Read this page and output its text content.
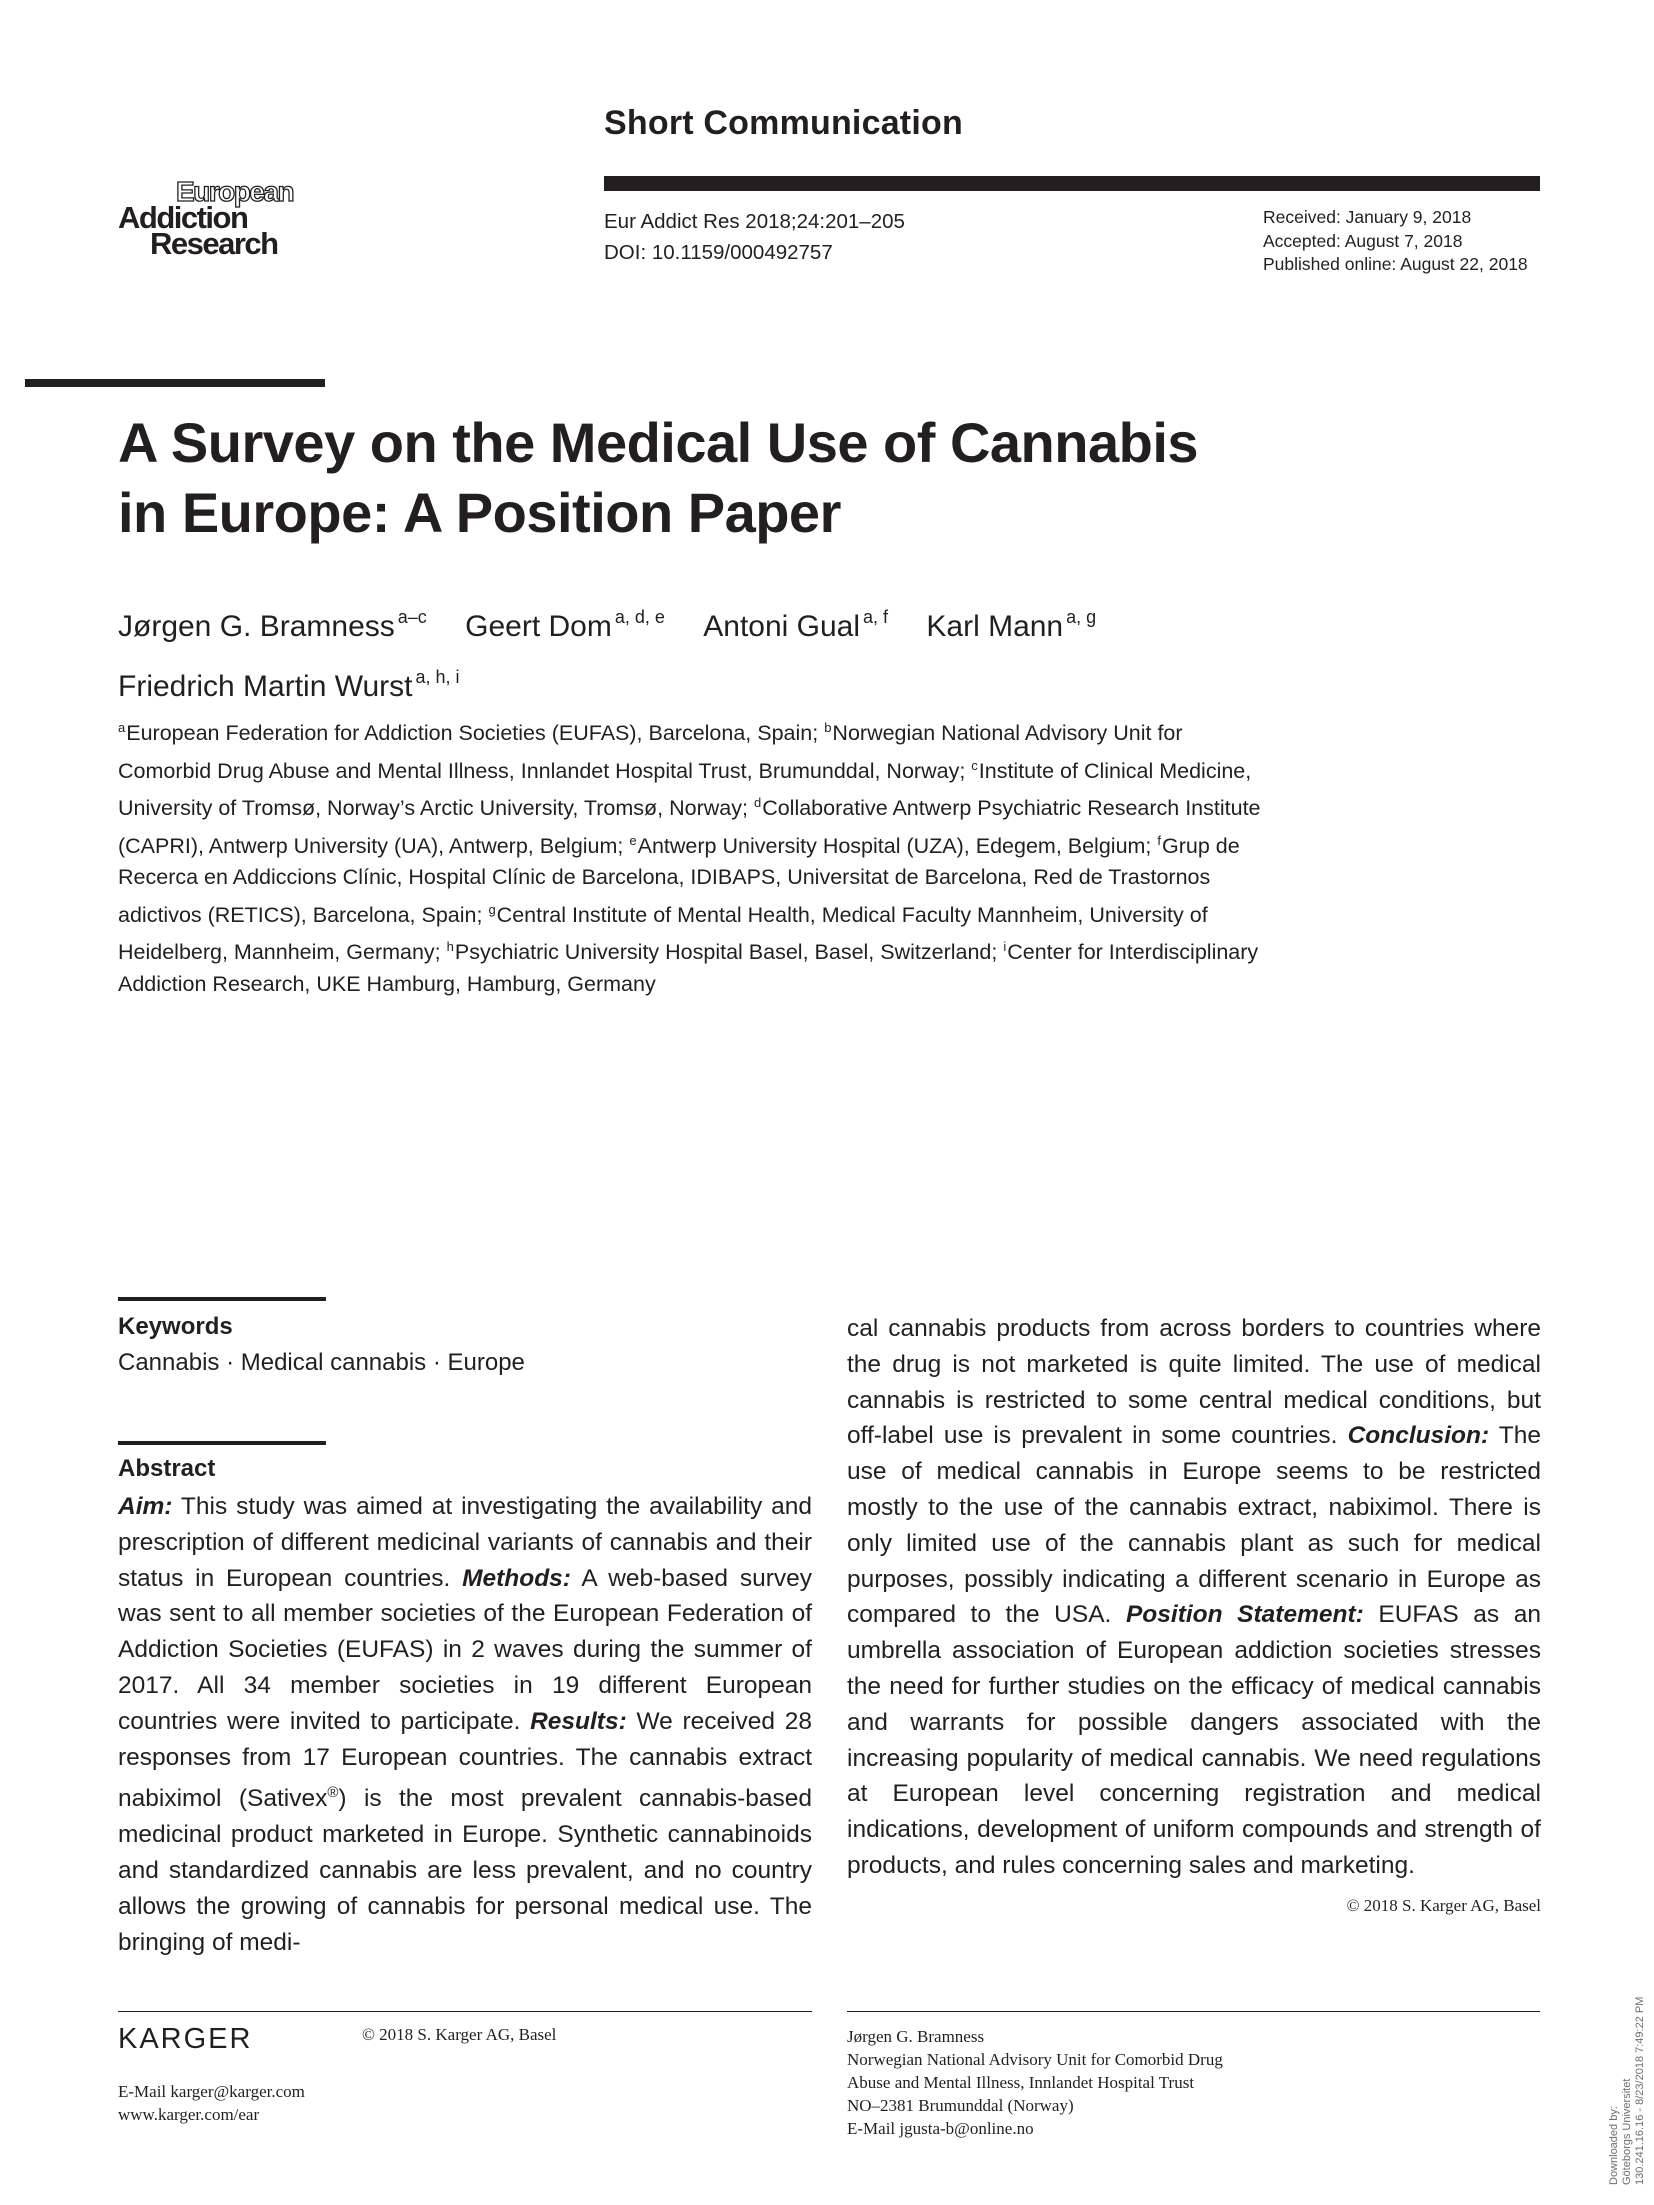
Short Communication
European
Addiction
Research
Eur Addict Res 2018;24:201–205
DOI: 10.1159/000492757
Received: January 9, 2018
Accepted: August 7, 2018
Published online: August 22, 2018
A Survey on the Medical Use of Cannabis
in Europe: A Position Paper
Jørgen G. Bramness $^{a-c}$ Geert Dom $^{a, d, e}$ Antoni Gual $^{a, f}$ Karl Mann $^{a, g}$
Friedrich Martin Wurst $^{a, h, i}$
$^a$European Federation for Addiction Societies (EUFAS), Barcelona, Spain; $^b$Norwegian National Advisory Unit for Comorbid Drug Abuse and Mental Illness, Innlandet Hospital Trust, Brumunddal, Norway; $^c$Institute of Clinical Medicine, University of Tromsø, Norway’s Arctic University, Tromsø, Norway; $^d$Collaborative Antwerp Psychiatric Research Institute (CAPRI), Antwerp University (UA), Antwerp, Belgium; $^e$Antwerp University Hospital (UZA), Edegem, Belgium; $^f$Grup de Recerca en Addiccions Clínic, Hospital Clínic de Barcelona, IDIBAPS, Universitat de Barcelona, Red de Trastornos adictivos (RETICS), Barcelona, Spain; $^g$Central Institute of Mental Health, Medical Faculty Mannheim, University of Heidelberg, Mannheim, Germany; $^h$Psychiatric University Hospital Basel, Basel, Switzerland; $^i$Center for Interdisciplinary Addiction Research, UKE Hamburg, Hamburg, Germany
Keywords
Cannabis · Medical cannabis · Europe
Abstract
Aim: This study was aimed at investigating the availability and prescription of different medicinal variants of cannabis and their status in European countries. Methods: A web-based survey was sent to all member societies of the European Federation of Addiction Societies (EUFAS) in 2 waves during the summer of 2017. All 34 member societies in 19 different European countries were invited to participate. Results: We received 28 responses from 17 European countries. The cannabis extract nabiximol (Sativex®) is the most prevalent cannabis-based medicinal product marketed in Europe. Synthetic cannabinoids and standardized cannabis are less prevalent, and no country allows the growing of cannabis for personal medical use. The bringing of medi-
cal cannabis products from across borders to countries where the drug is not marketed is quite limited. The use of medical cannabis is restricted to some central medical conditions, but off-label use is prevalent in some countries. Conclusion: The use of medical cannabis in Europe seems to be restricted mostly to the use of the cannabis extract, nabiximol. There is only limited use of the cannabis plant as such for medical purposes, possibly indicating a different scenario in Europe as compared to the USA. Position Statement: EUFAS as an umbrella association of European addiction societies stresses the need for further studies on the efficacy of medical cannabis and warrants for possible dangers associated with the increasing popularity of medical cannabis. We need regulations at European level concerning registration and medical indications, development of uniform compounds and strength of products, and rules concerning sales and marketing.
© 2018 S. Karger AG, Basel
KARGER	© 2018 S. Karger AG, Basel
E-Mail karger@karger.com
www.karger.com/ear
Jørgen G. Bramness
Norwegian National Advisory Unit for Comorbid Drug
Abuse and Mental Illness, Innlandet Hospital Trust
NO–2381 Brumunddal (Norway)
E-Mail jgusta-b@online.no	Downloaded by: Göteborgs Universitet 130.241.16.16 - 8/23/2018 7:49:22 PM
